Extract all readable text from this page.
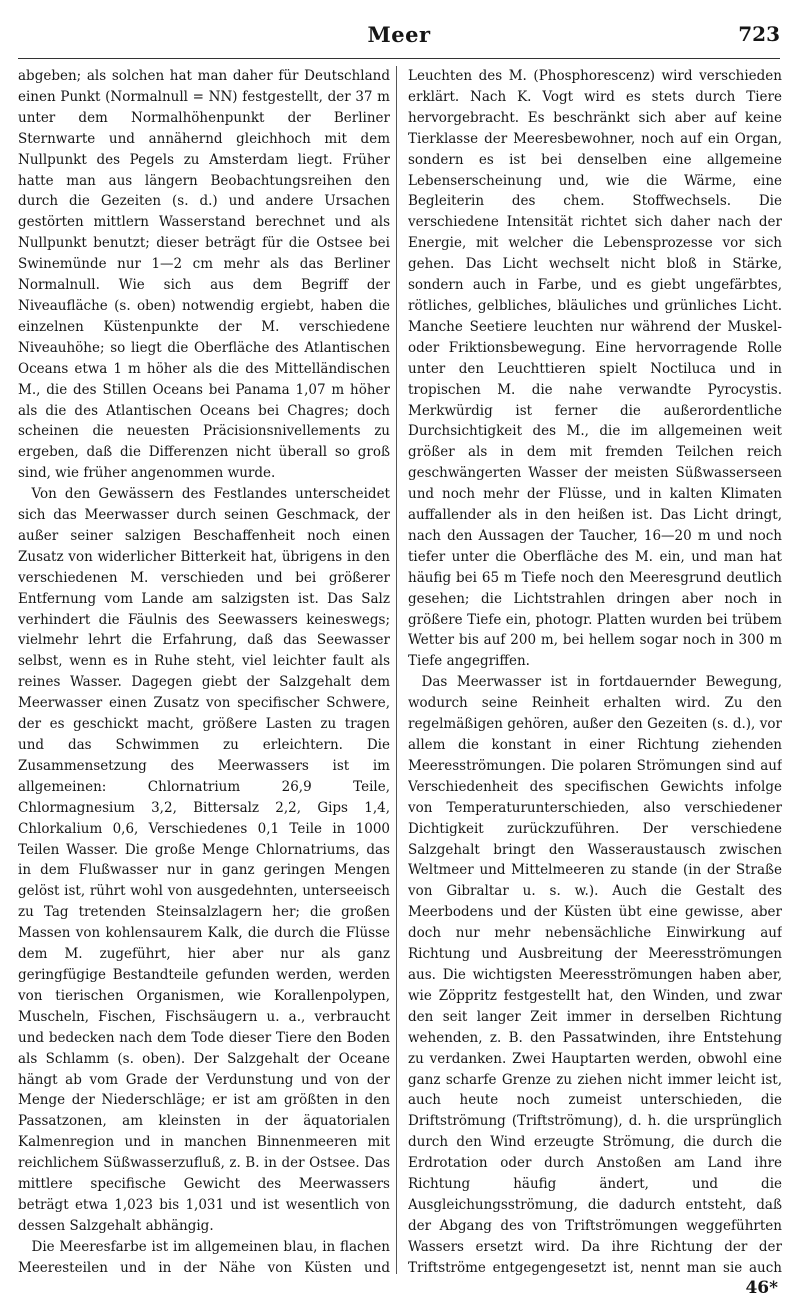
Meer	723

abgeben; als solchen hat man daher für Deutschland einen Punkt (Normalnull = NN) festgestellt, der 37 m unter dem Normalhöhenpunkt der Berliner Sternwarte und annähernd gleichhoch mit dem Nullpunkt des Pegels zu Amsterdam liegt. Früher hatte man aus längern Beobachtungsreihen den durch die Gezeiten (s. d.) und andere Ursachen gestörten mittlern Wasserstand berechnet und als Nullpunkt benutzt; dieser beträgt für die Ostsee bei Swinemünde nur 1—2 cm mehr als das Berliner Normalnull. Wie sich aus dem Begriff der Niveaufläche (s. oben) notwendig ergiebt, haben die einzelnen Küstenpunkte der M. verschiedene Niveauhöhe; so liegt die Oberfläche des Atlantischen Oceans etwa 1 m höher als die des Mittelländischen M., die des Stillen Oceans bei Panama 1,07 m höher als die des Atlantischen Oceans bei Chagres; doch scheinen die neuesten Präcisionsnivellements zu ergeben, daß die Differenzen nicht überall so groß sind, wie früher angenommen wurde.

Von den Gewässern des Festlandes unterscheidet sich das Meerwasser durch seinen Geschmack, der außer seiner salzigen Beschaffenheit noch einen Zusatz von widerlicher Bitterkeit hat, übrigens in den verschiedenen M. verschieden und bei größerer Entfernung vom Lande am salzigsten ist. Das Salz verhindert die Fäulnis des Seewassers keineswegs; vielmehr lehrt die Erfahrung, daß das Seewasser selbst, wenn es in Ruhe steht, viel leichter fault als reines Wasser. Dagegen giebt der Salzgehalt dem Meerwasser einen Zusatz von specifischer Schwere, der es geschickt macht, größere Lasten zu tragen und das Schwimmen zu erleichtern. Die Zusammensetzung des Meerwassers ist im allgemeinen: Chlornatrium 26,9 Teile, Chlormagnesium 3,2, Bittersalz 2,2, Gips 1,4, Chlorkalium 0,6, Verschiedenes 0,1 Teile in 1000 Teilen Wasser. Die große Menge Chlornatriums, das in dem Flußwasser nur in ganz geringen Mengen gelöst ist, rührt wohl von ausgedehnten, unterseeisch zu Tag tretenden Steinsalzlagern her; die großen Massen von kohlensaurem Kalk, die durch die Flüsse dem M. zugeführt, hier aber nur als ganz geringfügige Bestandteile gefunden werden, werden von tierischen Organismen, wie Korallenpolypen, Muscheln, Fischen, Fischsäugern u. a., verbraucht und bedecken nach dem Tode dieser Tiere den Boden als Schlamm (s. oben). Der Salzgehalt der Oceane hängt ab vom Grade der Verdunstung und von der Menge der Niederschläge; er ist am größten in den Passatzonen, am kleinsten in der äquatorialen Kalmenregion und in manchen Binnenmeeren mit reichlichem Süßwasserzufluß, z. B. in der Ostsee. Das mittlere specifische Gewicht des Meerwassers beträgt etwa 1,023 bis 1,031 und ist wesentlich von dessen Salzgehalt abhängig.

Die Meeresfarbe ist im allgemeinen blau, in flachen Meeresteilen und in der Nähe von Küsten und

Leuchten des M. (Phosphorescenz) wird verschieden erklärt. Nach K. Vogt wird es stets durch Tiere hervorgebracht. Es beschränkt sich aber auf keine Tierklasse der Meeresbewohner, noch auf ein Organ, sondern es ist bei denselben eine allgemeine Lebenserscheinung und, wie die Wärme, eine Begleiterin des chem. Stoffwechsels. Die verschiedene Intensität richtet sich daher nach der Energie, mit welcher die Lebensprozesse vor sich gehen. Das Licht wechselt nicht bloß in Stärke, sondern auch in Farbe, und es giebt ungefärbtes, rötliches, gelbliches, bläuliches und grünliches Licht. Manche Seetiere leuchten nur während der Muskel- oder Friktionsbewegung. Eine hervorragende Rolle unter den Leuchttieren spielt Noctiluca und in tropischen M. die nahe verwandte Pyrocystis. Merkwürdig ist ferner die außerordentliche Durchsichtigkeit des M., die im allgemeinen weit größer als in dem mit fremden Teilchen reich geschwängerten Wasser der meisten Süßwasserseen und noch mehr der Flüsse, und in kalten Klimaten auffallender als in den heißen ist. Das Licht dringt, nach den Aussagen der Taucher, 16—20 m und noch tiefer unter die Oberfläche des M. ein, und man hat häufig bei 65 m Tiefe noch den Meeresgrund deutlich gesehen; die Lichtstrahlen dringen aber noch in größere Tiefe ein, photogr. Platten wurden bei trübem Wetter bis auf 200 m, bei hellem sogar noch in 300 m Tiefe angegriffen.

Das Meerwasser ist in fortdauernder Bewegung, wodurch seine Reinheit erhalten wird. Zu den regelmäßigen gehören, außer den Gezeiten (s. d.), vor allem die konstant in einer Richtung ziehenden Meeresströmungen. Die polaren Strömungen sind auf Verschiedenheit des specifischen Gewichts infolge von Temperaturunterschieden, also verschiedener Dichtigkeit zurückzuführen. Der verschiedene Salzgehalt bringt den Wasseraustausch zwischen Weltmeer und Mittelmeeren zu stande (in der Straße von Gibraltar u. s. w.). Auch die Gestalt des Meerbodens und der Küsten übt eine gewisse, aber doch nur mehr nebensächliche Einwirkung auf Richtung und Ausbreitung der Meeresströmungen aus. Die wichtigsten Meeresströmungen haben aber, wie Zöppritz festgestellt hat, den Winden, und zwar den seit langer Zeit immer in derselben Richtung wehenden, z. B. den Passatwinden, ihre Entstehung zu verdanken. Zwei Hauptarten werden, obwohl eine ganz scharfe Grenze zu ziehen nicht immer leicht ist, auch heute noch zumeist unterschieden, die Driftströmung (Triftströmung), d. h. die ursprünglich durch den Wind erzeugte Strömung, die durch die Erdrotation oder durch Anstoßen am Land ihre Richtung häufig ändert, und die Ausgleichungsströmung, die dadurch entsteht, daß der Abgang des von Triftströmungen weggeführten Wassers ersetzt wird. Da ihre Richtung der der Triftströme entgegengesetzt ist, nennt man sie auch

46*
